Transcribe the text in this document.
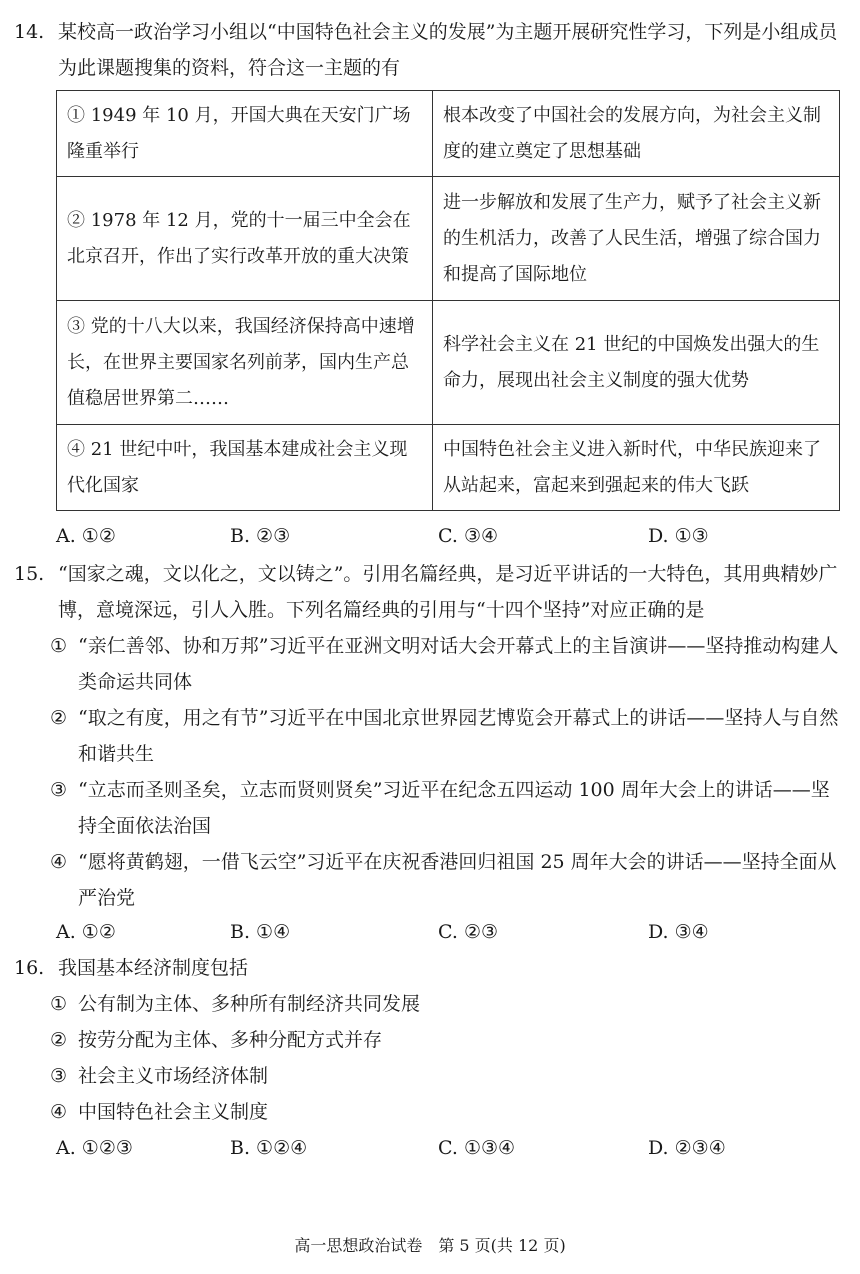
14. 某校高一政治学习小组以“中国特色社会主义的发展”为主题开展研究性学习，下列是小组成员为此课题搜集的资料，符合这一主题的有

① 1949 年 10 月，开国大典在天安门广场隆重举行	根本改变了中国社会的发展方向，为社会主义制度的建立奠定了思想基础
② 1978 年 12 月，党的十一届三中全会在北京召开，作出了实行改革开放的重大决策	进一步解放和发展了生产力，赋予了社会主义新的生机活力，改善了人民生活，增强了综合国力和提高了国际地位
③ 党的十八大以来，我国经济保持高中速增长，在世界主要国家名列前茅，国内生产总值稳居世界第二……	科学社会主义在 21 世纪的中国焕发出强大的生命力，展现出社会主义制度的强大优势
④ 21 世纪中叶，我国基本建成社会主义现代化国家	中国特色社会主义进入新时代，中华民族迎来了从站起来，富起来到强起来的伟大飞跃
A. ①②	B. ②③	C. ③④	D. ①③

15. “国家之魂，文以化之，文以铸之”。引用名篇经典，是习近平讲话的一大特色，其用典精妙广博，意境深远，引人入胜。下列名篇经典的引用与“十四个坚持”对应正确的是

① “亲仁善邻、协和万邦”习近平在亚洲文明对话大会开幕式上的主旨演讲——坚持推动构建人类命运共同体

② “取之有度，用之有节”习近平在中国北京世界园艺博览会开幕式上的讲话——坚持人与自然和谐共生

③ “立志而圣则圣矣，立志而贤则贤矣”习近平在纪念五四运动 100 周年大会上的讲话——坚持全面依法治国

④ “愿将黄鹤翅，一借飞云空”习近平在庆祝香港回归祖国 25 周年大会的讲话——坚持全面从严治党

A. ①②	B. ①④	C. ②③	D. ③④

16. 我国基本经济制度包括

① 公有制为主体、多种所有制经济共同发展

② 按劳分配为主体、多种分配方式并存

③ 社会主义市场经济体制

④ 中国特色社会主义制度

A. ①②③	B. ①②④	C. ①③④	D. ②③④
高一思想政治试卷　第 5 页(共 12 页)
